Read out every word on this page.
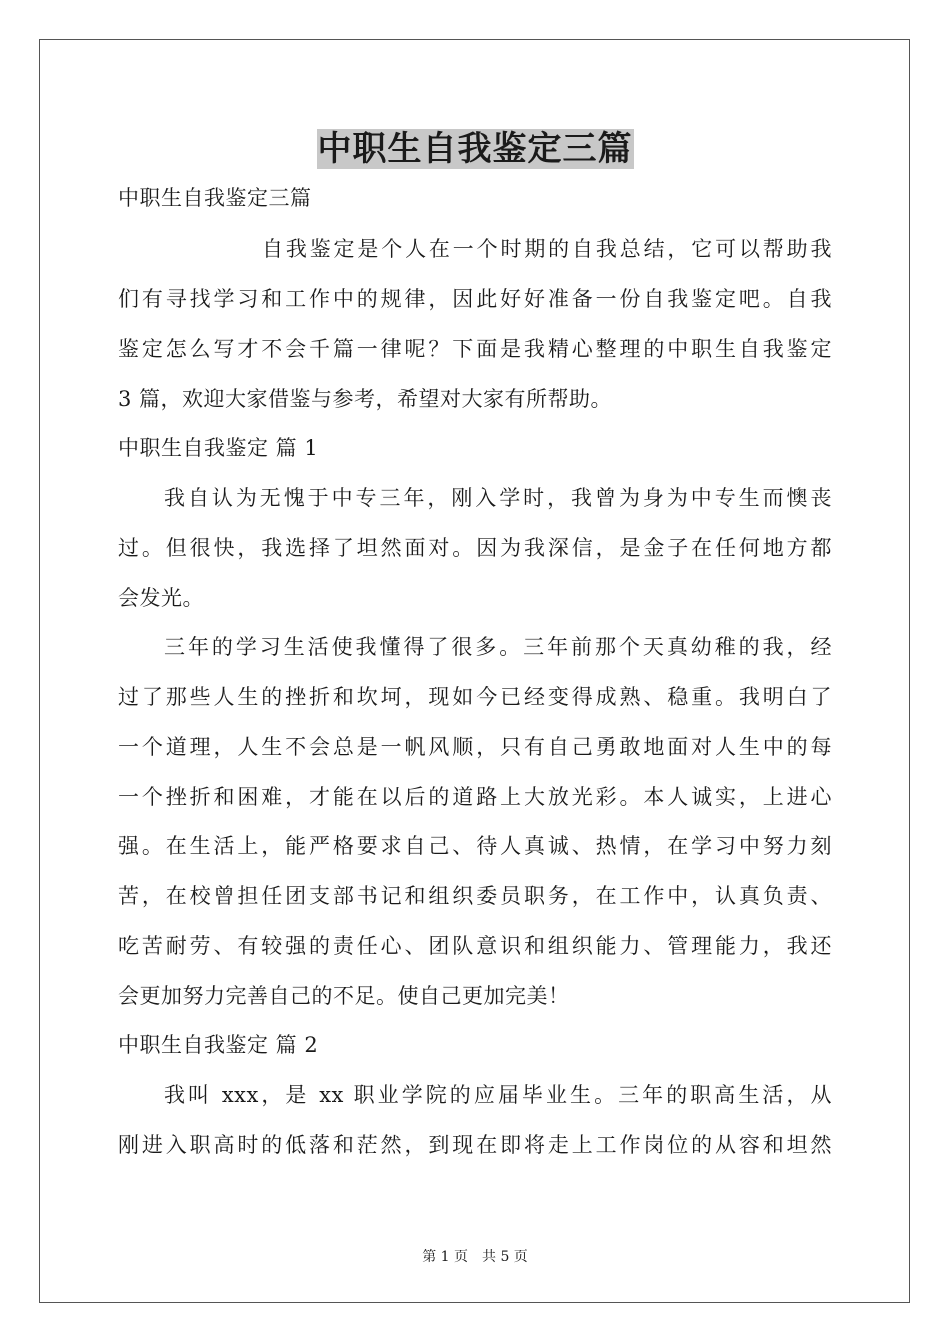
中职生自我鉴定三篇
中职生自我鉴定三篇
自我鉴定是个人在一个时期的自我总结，它可以帮助我
们有寻找学习和工作中的规律，因此好好准备一份自我鉴定吧。自我
鉴定怎么写才不会千篇一律呢？下面是我精心整理的中职生自我鉴定
3 篇，欢迎大家借鉴与参考，希望对大家有所帮助。
中职生自我鉴定 篇 1
我自认为无愧于中专三年，刚入学时，我曾为身为中专生而懊丧
过。但很快，我选择了坦然面对。因为我深信，是金子在任何地方都
会发光。
三年的学习生活使我懂得了很多。三年前那个天真幼稚的我，经
过了那些人生的挫折和坎坷，现如今已经变得成熟、稳重。我明白了
一个道理，人生不会总是一帆风顺，只有自己勇敢地面对人生中的每
一个挫折和困难，才能在以后的道路上大放光彩。本人诚实，上进心
强。在生活上，能严格要求自己、待人真诚、热情，在学习中努力刻
苦，在校曾担任团支部书记和组织委员职务，在工作中，认真负责、
吃苦耐劳、有较强的责任心、团队意识和组织能力、管理能力，我还
会更加努力完善自己的不足。使自己更加完美！
中职生自我鉴定 篇 2
我叫 xxx，是 xx 职业学院的应届毕业生。三年的职高生活，从
刚进入职高时的低落和茫然，到现在即将走上工作岗位的从容和坦然
第 1 页　共 5 页
